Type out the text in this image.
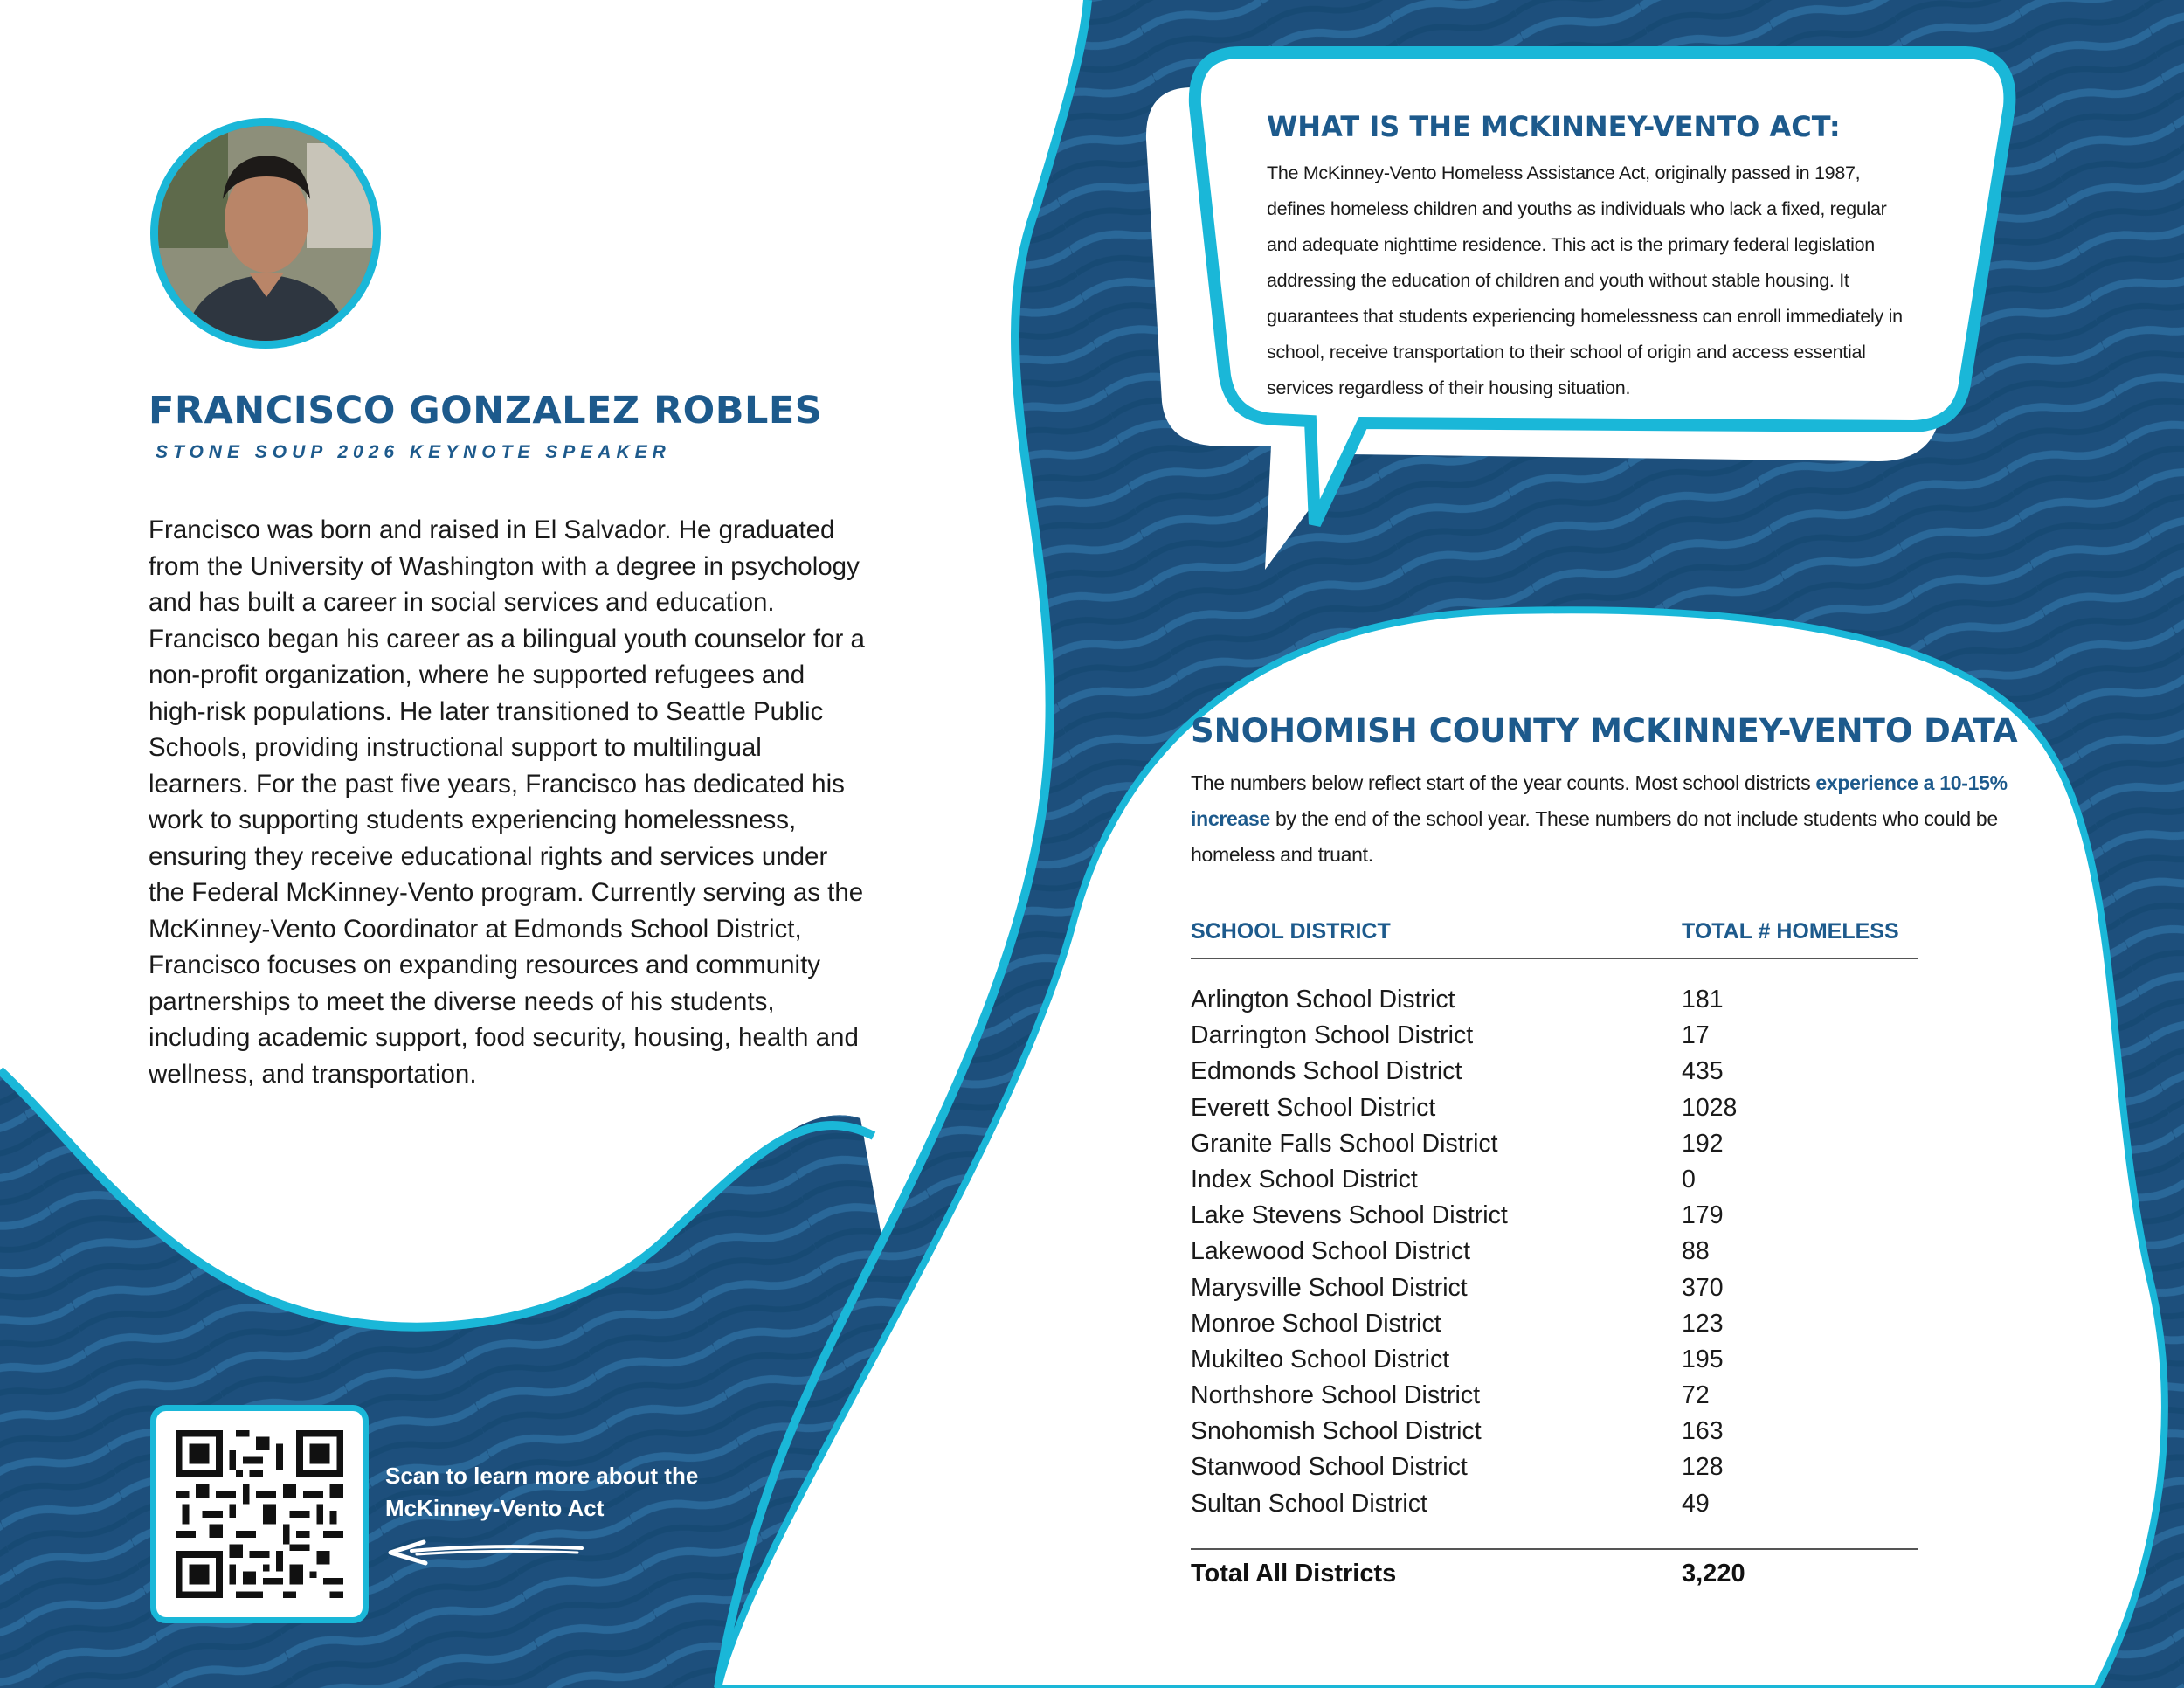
FRANCISCO GONZALEZ ROBLES
STONE SOUP 2026 KEYNOTE SPEAKER

Francisco was born and raised in El Salvador. He graduated from the University of Washington with a degree in psychology and has built a career in social services and education. Francisco began his career as a bilingual youth counselor for a non-profit organization, where he supported refugees and high-risk populations. He later transitioned to Seattle Public Schools, providing instructional support to multilingual learners. For the past five years, Francisco has dedicated his work to supporting students experiencing homelessness, ensuring they receive educational rights and services under the Federal McKinney-Vento program. Currently serving as the McKinney-Vento Coordinator at Edmonds School District, Francisco focuses on expanding resources and community partnerships to meet the diverse needs of his students, including academic support, food security, housing, health and wellness, and transportation.

Scan to learn more about the
McKinney-Vento Act
WHAT IS THE MCKINNEY-VENTO ACT:

The McKinney-Vento Homeless Assistance Act, originally passed in 1987, defines homeless children and youths as individuals who lack a fixed, regular and adequate nighttime residence. This act is the primary federal legislation addressing the education of children and youth without stable housing. It guarantees that students experiencing homelessness can enroll immediately in school, receive transportation to their school of origin and access essential services regardless of their housing situation.

SNOHOMISH COUNTY MCKINNEY-VENTO DATA

The numbers below reflect start of the year counts. Most school districts experience a 10-15% increase by the end of the school year. These numbers do not include students who could be homeless and truant.

SCHOOL DISTRICT	TOTAL # HOMELESS
Arlington School District	181
Darrington School District	17
Edmonds School District	435
Everett School District	1028
Granite Falls School District	192
Index School District	0
Lake Stevens School District	179
Lakewood School District	88
Marysville School District	370
Monroe School District	123
Mukilteo School District	195
Northshore School District	72
Snohomish School District	163
Stanwood School District	128
Sultan School District	49
Total All Districts	3,220
